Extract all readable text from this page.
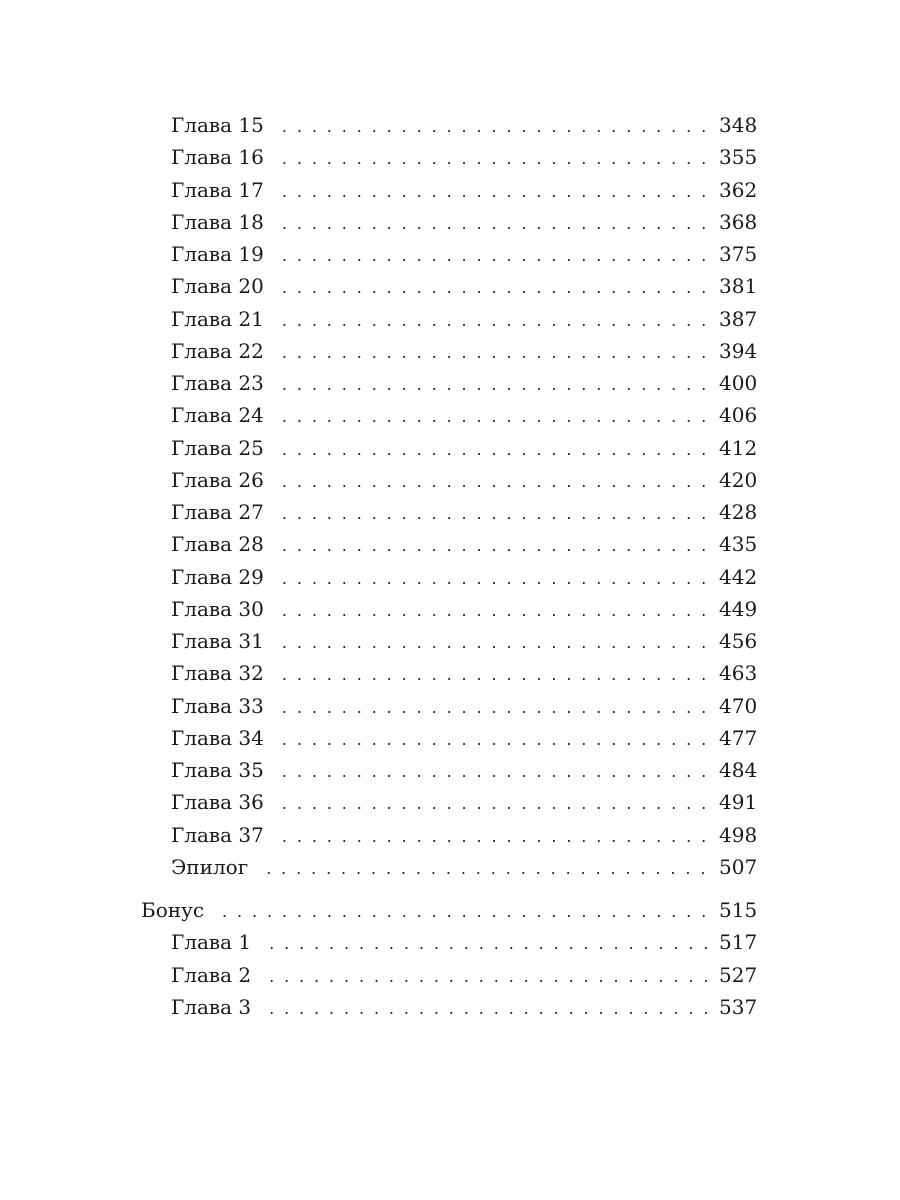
Глава 15 . . .	348
Глава 16 . . .	355
Глава 17 . . .	362
Глава 18 . . .	368
Глава 19 . . .	375
Глава 20 . . .	381
Глава 21 . . .	387
Глава 22 . . .	394
Глава 23 . . .	400
Глава 24 . . .	406
Глава 25 . . .	412
Глава 26 . . .	420
Глава 27 . . .	428
Глава 28 . . .	435
Глава 29 . . .	442
Глава 30 . . .	449
Глава 31 . . .	456
Глава 32 . . .	463
Глава 33 . . .	470
Глава 34 . . .	477
Глава 35 . . .	484
Глава 36 . . .	491
Глава 37 . . .	498
Эпилог . . .	507
Бонус . . .	515
Глава 1 . . .	517
Глава 2 . . .	527
Глава 3 . . .	537
